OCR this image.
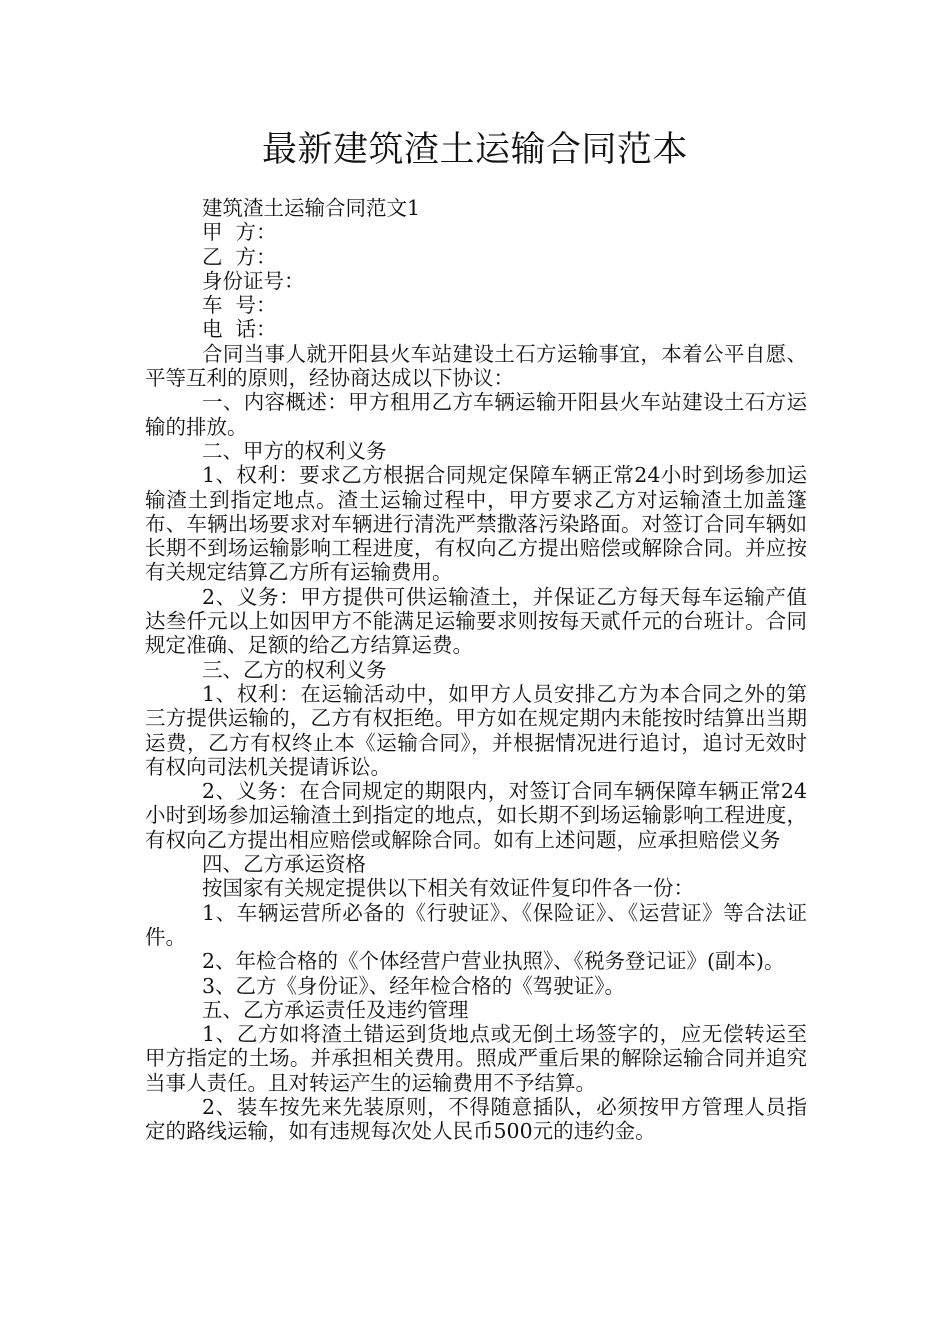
最新建筑渣土运输合同范本

建筑渣土运输合同范文1

甲  方：

乙  方：

身份证号：

车  号：

电  话：

合同当事人就开阳县火车站建设土石方运输事宜，本着公平自愿、平等互利的原则，经协商达成以下协议：

一、内容概述：甲方租用乙方车辆运输开阳县火车站建设土石方运输的排放。

二、甲方的权利义务

1、权利：要求乙方根据合同规定保障车辆正常24小时到场参加运输渣土到指定地点。渣土运输过程中，甲方要求乙方对运输渣土加盖篷布、车辆出场要求对车辆进行清洗严禁撒落污染路面。对签订合同车辆如长期不到场运输影响工程进度，有权向乙方提出赔偿或解除合同。并应按有关规定结算乙方所有运输费用。

2、义务：甲方提供可供运输渣土，并保证乙方每天每车运输产值达叁仟元以上如因甲方不能满足运输要求则按每天贰仟元的台班计。合同规定准确、足额的给乙方结算运费。

三、乙方的权利义务

1、权利：在运输活动中，如甲方人员安排乙方为本合同之外的第三方提供运输的，乙方有权拒绝。甲方如在规定期内未能按时结算出当期运费，乙方有权终止本《运输合同》，并根据情况进行追讨，追讨无效时有权向司法机关提请诉讼。

2、义务：在合同规定的期限内，对签订合同车辆保障车辆正常24小时到场参加运输渣土到指定的地点，如长期不到场运输影响工程进度，有权向乙方提出相应赔偿或解除合同。如有上述问题，应承担赔偿义务

四、乙方承运资格

按国家有关规定提供以下相关有效证件复印件各一份：

1、车辆运营所必备的《行驶证》、《保险证》、《运营证》等合法证件。

2、年检合格的《个体经营户营业执照》、《税务登记证》(副本)。

3、乙方《身份证》、经年检合格的《驾驶证》。

五、乙方承运责任及违约管理

1、乙方如将渣土错运到货地点或无倒土场签字的，应无偿转运至甲方指定的土场。并承担相关费用。照成严重后果的解除运输合同并追究当事人责任。且对转运产生的运输费用不予结算。

2、装车按先来先装原则，不得随意插队，必须按甲方管理人员指定的路线运输，如有违规每次处人民币500元的违约金。
